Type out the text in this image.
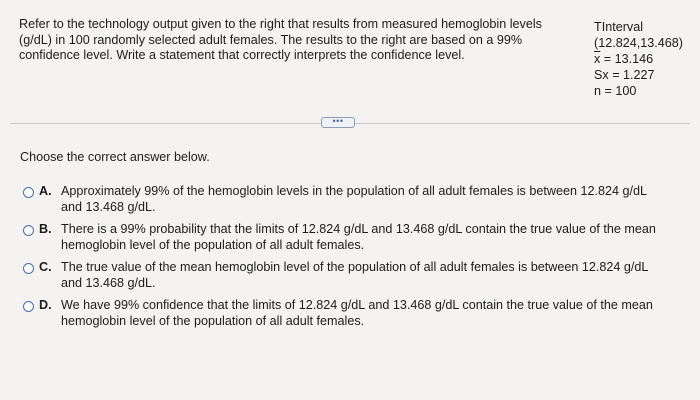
Refer to the technology output given to the right that results from measured hemoglobin levels (g/dL) in 100 randomly selected adult females. The results to the right are based on a 99% confidence level. Write a statement that correctly interprets the confidence level.
TInterval
(12.824,13.468)
$\overline{x} = 13.146$
Sx = 1.227
n = 100
•••
Choose the correct answer below.
A. Approximately 99% of the hemoglobin levels in the population of all adult females is between 12.824 g/dL and 13.468 g/dL.
B. There is a 99% probability that the limits of 12.824 g/dL and 13.468 g/dL contain the true value of the mean hemoglobin level of the population of all adult females.
C. The true value of the mean hemoglobin level of the population of all adult females is between 12.824 g/dL and 13.468 g/dL.
D. We have 99% confidence that the limits of 12.824 g/dL and 13.468 g/dL contain the true value of the mean hemoglobin level of the population of all adult females.
